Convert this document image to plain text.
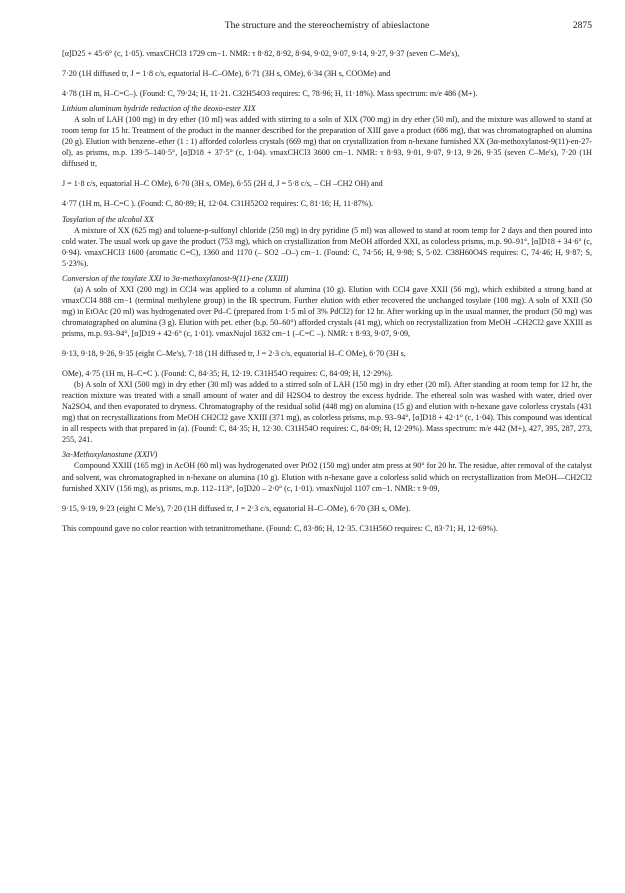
The structure and the stereochemistry of abieslactone	2875

[α]D25 + 45·6° (c, 1·05). νmaxCHCl3 1729 cm−1. NMR: τ 8·82, 8·92, 8·94, 9·02, 9·07, 9·14, 9·27, 9·37 (seven C–Me's),

7·20 (1H diffused tr, J = 1·8 c/s, equatorial H–C–OMe), 6·71 (3H s, OMe), 6·34 (3H s, COOMe) and

4·78 (1H m, H–C=C–). (Found: C, 79·24; H, 11·21. C32H54O3 requires: C, 78·96; H, 11·18%). Mass spectrum: m/e 486 (M+).

Lithium aluminum hydride reduction of the deoxo-ester XIX

A soln of LAH (100 mg) in dry ether (10 ml) was added with stirring to a soln of XIX (700 mg) in dry ether (50 ml), and the mixture was allowed to stand at room temp for 15 hr. Treatment of the product in the manner described for the preparation of XIII gave a product (686 mg), that was chromatographed on alumina (20 g). Elution with benzene–ether (1 : 1) afforded colorless crystals (669 mg) that on crystallization from n-hexane furnished XX (3α-methoxylanost-9(11)-en-27-ol), as prisms, m.p. 139·5–140·5°, [α]D18 + 37·5° (c, 1·04). νmaxCHCl3 3600 cm−1. NMR: τ 8·93, 9·01, 9·07, 9·13, 9·26, 9·35 (seven C–Me's), 7·20 (1H diffused tr,

J = 1·8 c/s, equatorial H–C OMe), 6·70 (3H s, OMe), 6·55 (2H d, J = 5·8 c/s, – CH –CH2 OH) and

4·77 (1H m, H–C=C ). (Found: C, 80·89; H, 12·04. C31H52O2 requires: C, 81·16; H, 11·87%).

Tosylation of the alcohol XX

A mixture of XX (625 mg) and toluene-p-sulfonyl chloride (250 mg) in dry pyridine (5 ml) was allowed to stand at room temp for 2 days and then poured into cold water. The usual work up gave the product (753 mg), which on crystallization from MeOH afforded XXI, as colorless prisms, m.p. 90–91°, [α]D18 + 34·6° (c, 0·94). νmaxCHCl3 1600 (aromatic C=C), 1360 and 1170 (– SO2 –O–) cm−1. (Found: C, 74·56; H, 9·98; S, 5·02. C38H60O4S requires: C, 74·46; H, 9·87; S, 5·23%).

Conversion of the tosylate XXI to 3α-methoxylanost-9(11)-ene (XXIII)

(a) A soln of XXI (200 mg) in CCl4 was applied to a column of alumina (10 g). Elution with CCl4 gave XXII (56 mg), which exhibited a strong band at νmaxCCl4 888 cm−1 (terminal methylene group) in the IR spectrum. Further elution with ether recovered the unchanged tosylate (108 mg). A soln of XXII (50 mg) in EtOAc (20 ml) was hydrogenated over Pd–C (prepared from 1·5 ml of 3% PdCl2) for 12 hr. After working up in the usual manner, the product (50 mg) was chromatographed on alumina (3 g). Elution with pet. ether (b.p. 50–60°) afforded crystals (41 mg), which on recrystallization from MeOH –CH2Cl2 gave XXIII as prisms, m.p. 93–94°, [α]D19 + 42·6° (c, 1·01). νmaxNujol 1632 cm−1 (–C=C –). NMR: τ 8·93, 9·07, 9·09,

9·13, 9·18, 9·26, 9·35 (eight C–Me's), 7·18 (1H diffused tr, J = 2·3 c/s, equatorial H–C OMe), 6·70 (3H s,

OMe), 4·75 (1H m, H–C=C ). (Found: C, 84·35; H, 12·19. C31H54O requires: C, 84·09; H, 12·29%).

(b) A soln of XXI (500 mg) in dry ether (30 ml) was added to a stirred soln of LAH (150 mg) in dry ether (20 ml). After standing at room temp for 12 hr, the reaction mixture was treated with a small amount of water and dil H2SO4 to destroy the excess hydride. The ethereal soln was washed with water, dried over Na2SO4, and then evaporated to dryness. Chromatography of the residual solid (448 mg) on alumina (15 g) and elution with n-hexane gave colorless crystals (431 mg) that on recrystallizations from MeOH CH2Cl2 gave XXIII (371 mg), as colorless prisms, m.p. 93–94°, [α]D18 + 42·1° (c, 1·04). This compound was identical in all respects with that prepared in (a). (Found: C, 84·35; H, 12·30. C31H54O requires: C, 84·09; H, 12·29%). Mass spectrum: m/e 442 (M+), 427, 395, 287, 273, 255, 241.

3α-Methoxylanostane (XXIV)

Compound XXIII (165 mg) in AcOH (60 ml) was hydrogenated over PtO2 (150 mg) under atm press at 90° for 20 hr. The residue, after removal of the catalyst and solvent, was chromatographed in n-hexane on alumina (10 g). Elution with n-hexane gave a colorless solid which on recrystallization from MeOH—CH2Cl2 furnished XXIV (156 mg), as prisms, m.p. 112–113°, [α]D20 – 2·0° (c, 1·01). νmaxNujol 1107 cm−1. NMR: τ 9·09,

9·15, 9·19, 9·23 (eight C Me's), 7·20 (1H diffused tr, J = 2·3 c/s, equatorial H–C–OMe), 6·70 (3H s, OMe).

This compound gave no color reaction with tetranitromethane. (Found: C, 83·86; H, 12·35. C31H56O requires: C, 83·71; H, 12·69%).
